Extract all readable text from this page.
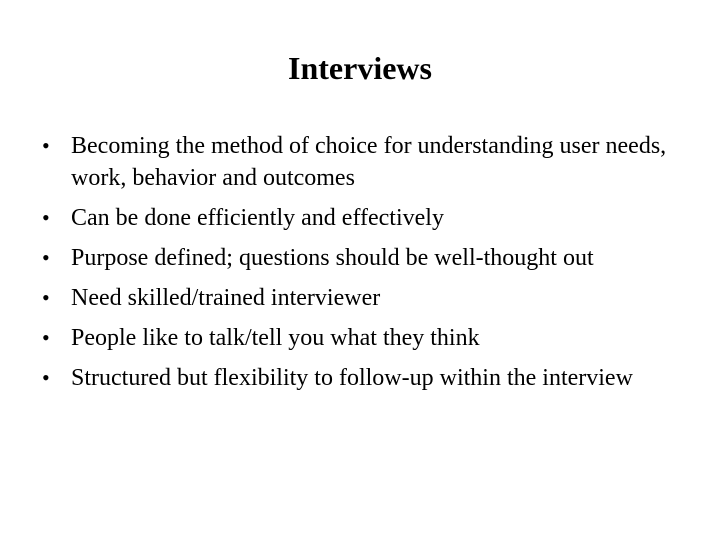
Interviews
• Becoming the method of choice for understanding user needs, work, behavior and outcomes
• Can be done efficiently and effectively
• Purpose defined; questions should be well-thought out
• Need skilled/trained interviewer
• People like to talk/tell you what they think
• Structured but flexibility to follow-up within the interview
